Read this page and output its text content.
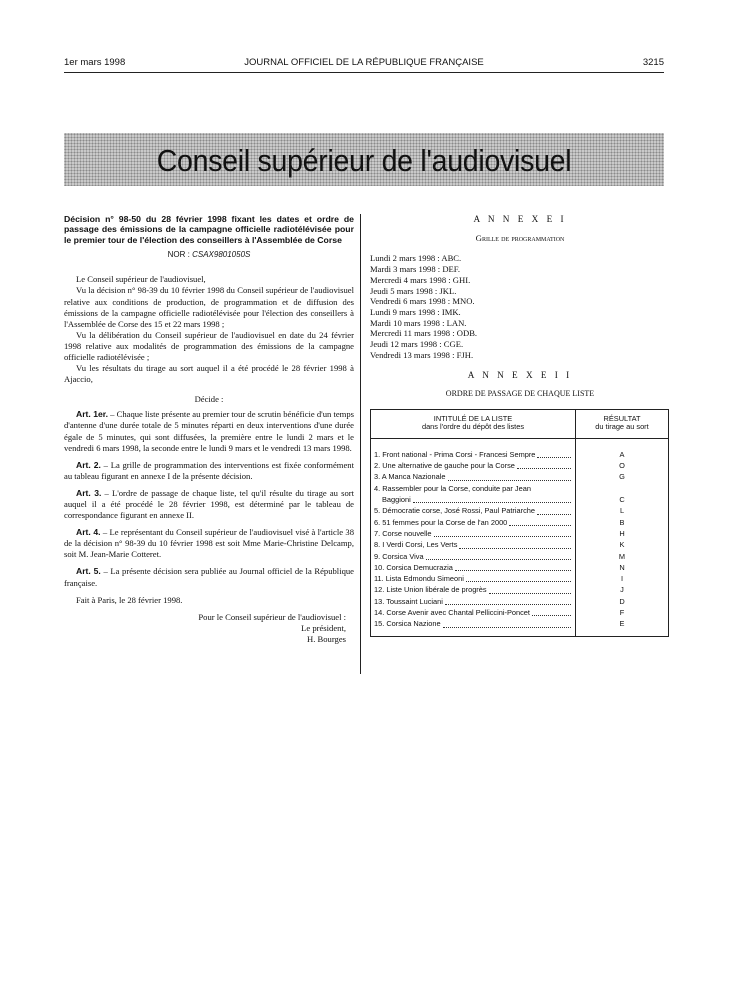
1er mars 1998	JOURNAL OFFICIEL DE LA RÉPUBLIQUE FRANÇAISE	3215
Conseil supérieur de l'audiovisuel

Décision n° 98-50 du 28 février 1998 fixant les dates et ordre de passage des émissions de la campagne officielle radiotélévisée pour le premier tour de l'élection des conseillers à l'Assemblée de Corse

NOR : CSAX9801050S

Le Conseil supérieur de l'audiovisuel,

Vu la décision n° 98-39 du 10 février 1998 du Conseil supérieur de l'audiovisuel relative aux conditions de production, de programmation et de diffusion des émissions de la campagne officielle radiotélévisée pour l'élection des conseillers à l'Assemblée de Corse des 15 et 22 mars 1998 ;

Vu la délibération du Conseil supérieur de l'audiovisuel en date du 24 février 1998 relative aux modalités de programmation des émissions de la campagne officielle radiotélévisée ;

Vu les résultats du tirage au sort auquel il a été procédé le 28 février 1998 à Ajaccio,

Décide :

Art. 1er. – Chaque liste présente au premier tour de scrutin bénéficie d'un temps d'antenne d'une durée totale de 5 minutes réparti en deux interventions d'une durée égale de 5 minutes, qui sont diffusées, la première entre le lundi 2 mars et le vendredi 6 mars 1998, la seconde entre le lundi 9 mars et le vendredi 13 mars 1998.

Art. 2. – La grille de programmation des interventions est fixée conformément au tableau figurant en annexe I de la présente décision.

Art. 3. – L'ordre de passage de chaque liste, tel qu'il résulte du tirage au sort auquel il a été procédé le 28 février 1998, est déterminé par le tableau de correspondance figurant en annexe II.

Art. 4. – Le représentant du Conseil supérieur de l'audiovisuel visé à l'article 38 de la décision n° 98-39 du 10 février 1998 est soit Mme Marie-Christine Delcamp, soit M. Jean-Marie Cotteret.

Art. 5. – La présente décision sera publiée au Journal officiel de la République française.

Fait à Paris, le 28 février 1998.

Pour le Conseil supérieur de l'audiovisuel :

Le président,

H. Bourges

A N N E X E I

Grille de programmation

Lundi 2 mars 1998 : ABC.

Mardi 3 mars 1998 : DEF.

Mercredi 4 mars 1998 : GHI.

Jeudi 5 mars 1998 : JKL.

Vendredi 6 mars 1998 : MNO.

Lundi 9 mars 1998 : IMK.

Mardi 10 mars 1998 : LAN.

Mercredi 11 mars 1998 : ODB.

Jeudi 12 mars 1998 : CGE.

Vendredi 13 mars 1998 : FJH.

A N N E X E I I

ORDRE DE PASSAGE DE CHAQUE LISTE

INTITULÉ DE LA LISTE
dans l'ordre du dépôt des listes	RÉSULTAT
du tirage au sort

1. Front national - Prima Corsi - Francesi Sempre	A

2. Une alternative de gauche pour la Corse	O

3. A Manca Nazionale	G

4. Rassembler pour la Corse, conduite par Jean
Baggioni	C

5. Démocratie corse, José Rossi, Paul Patriarche	L

6. 51 femmes pour la Corse de l'an 2000	B

7. Corse nouvelle	H

8. I Verdi Corsi, Les Verts	K

9. Corsica Viva	M

10. Corsica Demucrazia	N

11. Lista Edmondu Simeoni	I

12. Liste Union libérale de progrès	J

13. Toussaint Luciani	D

14. Corse Avenir avec Chantal Pelliccini-Poncet	F

15. Corsica Nazione	E
